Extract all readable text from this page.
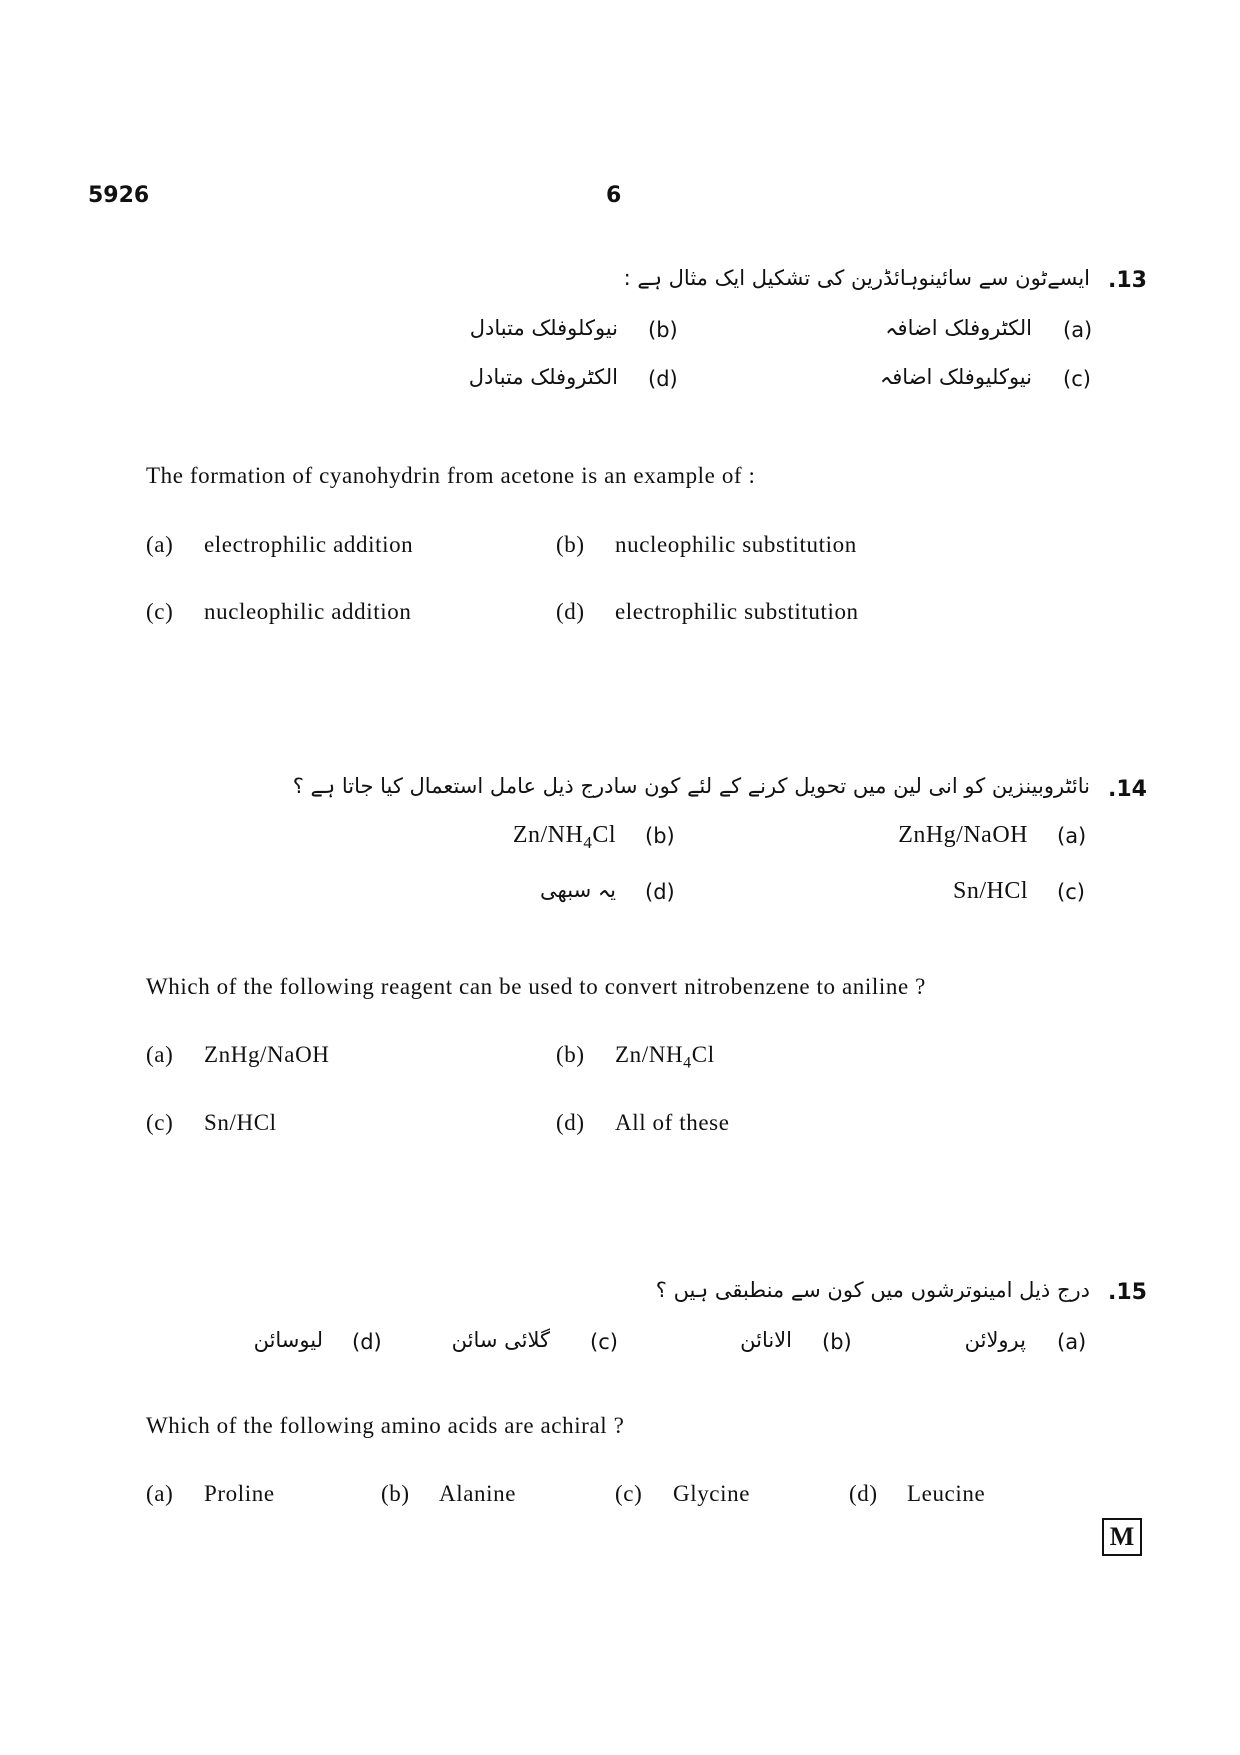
5926	6
.13
ایسےٹون سے سائینوہائڈرین کی تشکیل ایک مثال ہے :
(a)
الکٹروفلک اضافہ
(b)
نیوکلوفلک متبادل
(c)
نیوکلیوفلک اضافہ
(d)
الکٹروفلک متبادل
The formation of cyanohydrin from acetone is an example of :
(a) electrophilic addition	(b) nucleophilic substitution
(c) nucleophilic addition	(d) electrophilic substitution
.14
نائٹروبینزین کو انی لین میں تحویل کرنے کے لئے کون سادرج ذیل عامل استعمال کیا جاتا ہے ؟
(a)
ZnHg/NaOH
(b)
$Zn/NH_4Cl$
(c)
Sn/HCl
(d)
یہ سبھی
Which of the following reagent can be used to convert nitrobenzene to aniline ?
(a) ZnHg/NaOH	(b) $Zn/NH_4Cl$
(c) Sn/HCl	(d) All of these
.15
درج ذیل امینوترشوں میں کون سے منطبقی ہیں ؟
(a)
پرولائن
(b)
الانائن
(c)
گلائی سائن
(d)
لیوسائن
Which of the following amino acids are achiral ?
(a) Proline	(b) Alanine	(c) Glycine	(d) Leucine
M
